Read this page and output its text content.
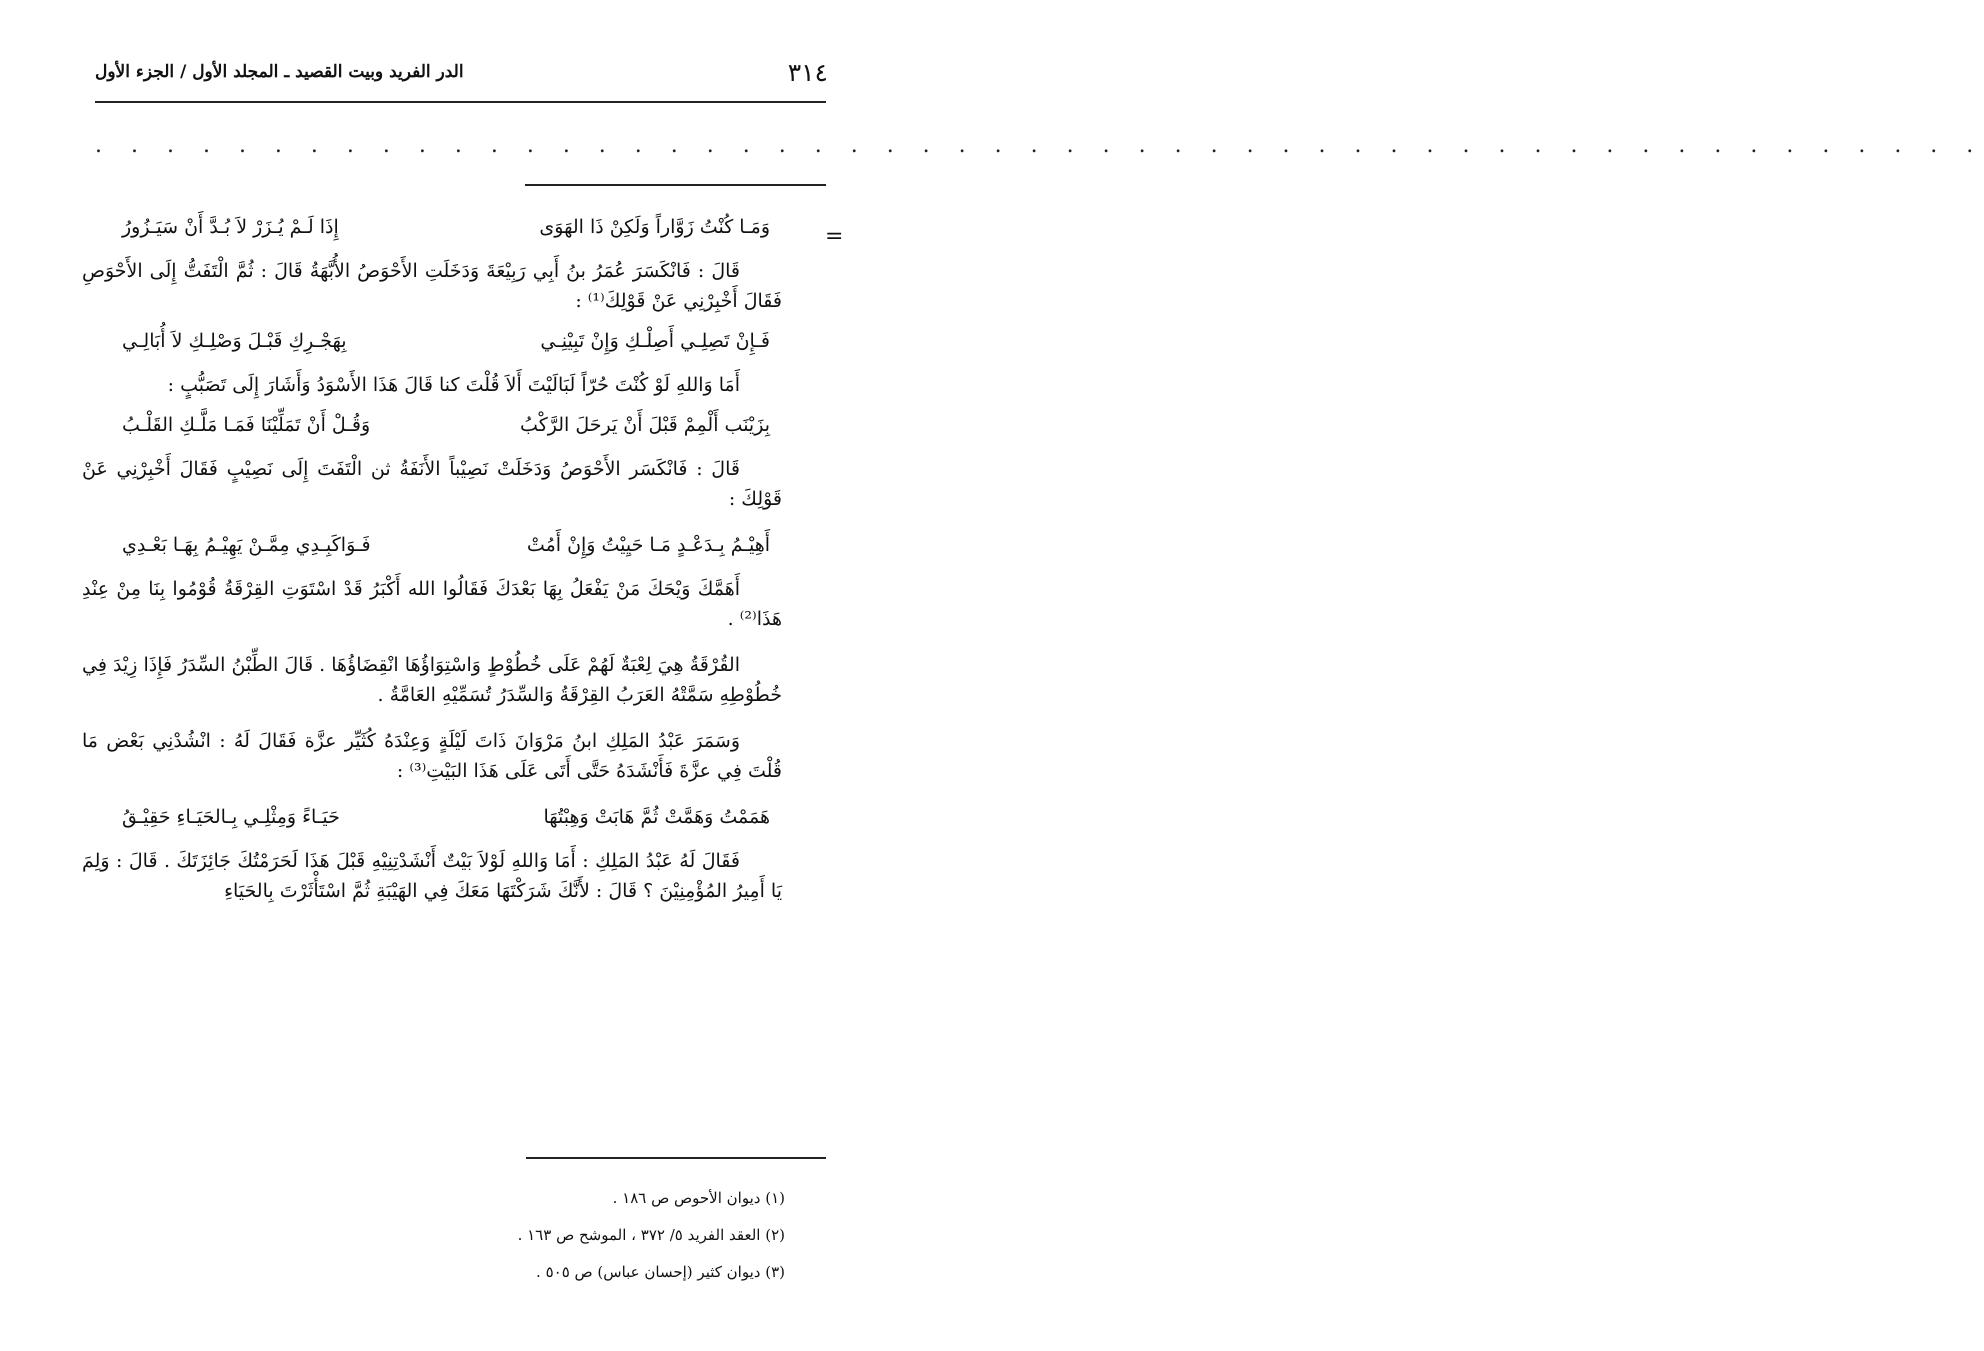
٣١٤
الدر الفريد وبيت القصيد ـ المجلد الأول / الجزء الأول
. . . . . . . . . . . . . . . . . . . . . . . . . . . . . . . . . . . . . . . . . . . . . . . . . . . . .
=
وَمَـا كُنْتُ زَوَّاراً وَلَكِنْ ذَا الهَوَى
إِذَا لَـمْ يُـزَرْ لاَ بُـدَّ أَنْ سَيَـزُورُ

قَالَ : فَانْكَسَرَ عُمَرُ بنُ أَبِي رَبِيْعَةَ وَدَخَلَتِ الأَحْوَصُ الأُبَّهَةُ قَالَ : ثُمَّ الْتَفَتُّ إِلَى الأَحْوَصِ فَقَالَ أَخْبِرْنِي عَنْ قَوْلِكَ⁽¹⁾ :

فَـإِنْ تَصِلِـي أَصِلْـكِ وَإِنْ تَبِيْنِـي
بِهَجْـرِكِ قَبْـلَ وَصْلِـكِ لاَ أُبَالِـي

أَمَا وَاللهِ لَوْ كُنْتَ حُرّاً لَبَالَيْتَ أَلاَ قُلْتَ كنا قَالَ هَذَا الأَسْوَدُ وَأَشَارَ إِلَى تَصَبُّبٍ :

بِزَيْنَب أَلْمِمْ قَبْلَ أَنْ يَرحَلَ الرَّكْبُ
وَقُـلْ أَنْ تَمَلِّيْنَا فَمَـا مَلَّـكِ القَلْـبُ

قَالَ : فَانْكَسَر الأَحْوَصُ وَدَخَلَتْ نَصِيْباً الأَنَفَةُ ثن الْتَفَتَ إِلَى نَصِيْبٍ فَقَالَ أَخْبِرْنِي عَنْ قَوْلِكَ :

أَهِيْـمُ بِـدَعْـدٍ مَـا حَيِيْتُ وَإِنْ أَمُتْ
فَـوَاكَبِـدِي مِمَّـنْ يَهِيْـمُ بِهَـا بَعْـدِي

أَهَمَّكَ وَيْحَكَ مَنْ يَفْعَلُ بِهَا بَعْدَكَ فَقَالُوا الله أَكْبَرُ قَدْ اسْتَوَتِ القِرْقَةُ قُوْمُوا بِنَا مِنْ عِنْدِ هَذَا⁽²⁾ .

القُرْقَةُ هِيَ لِعْبَةٌ لَهُمْ عَلَى خُطُوْطٍ وَاسْتِوَاؤُهَا انْقِضَاؤُهَا . قَالَ الطِّبْنُ السِّدَرُ فَإِذَا زِيْدَ فِي خُطُوْطِهِ سَمَّتْهُ العَرَبُ القِرْقَةُ وَالسِّدَرُ تُسَمِّيْهِ العَامَّةُ .

وَسَمَرَ عَبْدُ المَلِكِ ابنُ مَرْوَانَ ذَاتَ لَيْلَةٍ وَعِنْدَهُ كُثَيِّر عزَّة فَقَالَ لَهُ : انْشُدْنِي بَعْض مَا قُلْتَ فِي عزَّةَ فَأَنْشَدَهُ حَتَّى أَتَى عَلَى هَذَا البَيْتِ⁽³⁾ :

هَمَمْتُ وَهَمَّتْ ثُمَّ هَابَتْ وَهِبْتُهَا
حَيَـاءً وَمِثْلِـي بِـالحَيَـاءِ حَقِيْـقُ

فَقَالَ لَهُ عَبْدُ المَلِكِ : أَمَا وَاللهِ لَوْلاَ بَيْتٌ أَنْشَدْتِنِيْهِ قَبْلَ هَذَا لَحَرَمْتُكَ جَائِزَتَكَ . قَالَ : وَلِمَ يَا أَمِيرُ المُؤْمِنِيْنَ ؟ قَالَ : لأَنَّكَ شَرَكْتَهَا مَعَكَ فِي الهَيْبَةِ ثُمَّ اسْتَأْثَرْتَ بِالحَيَاءِ

(١) ديوان الأحوص ص ١٨٦ .
(٢) العقد الفريد ٥/ ٣٧٢ ، الموشح ص ١٦٣ .
(٣) ديوان كثير (إحسان عباس) ص ٥٠٥ .
